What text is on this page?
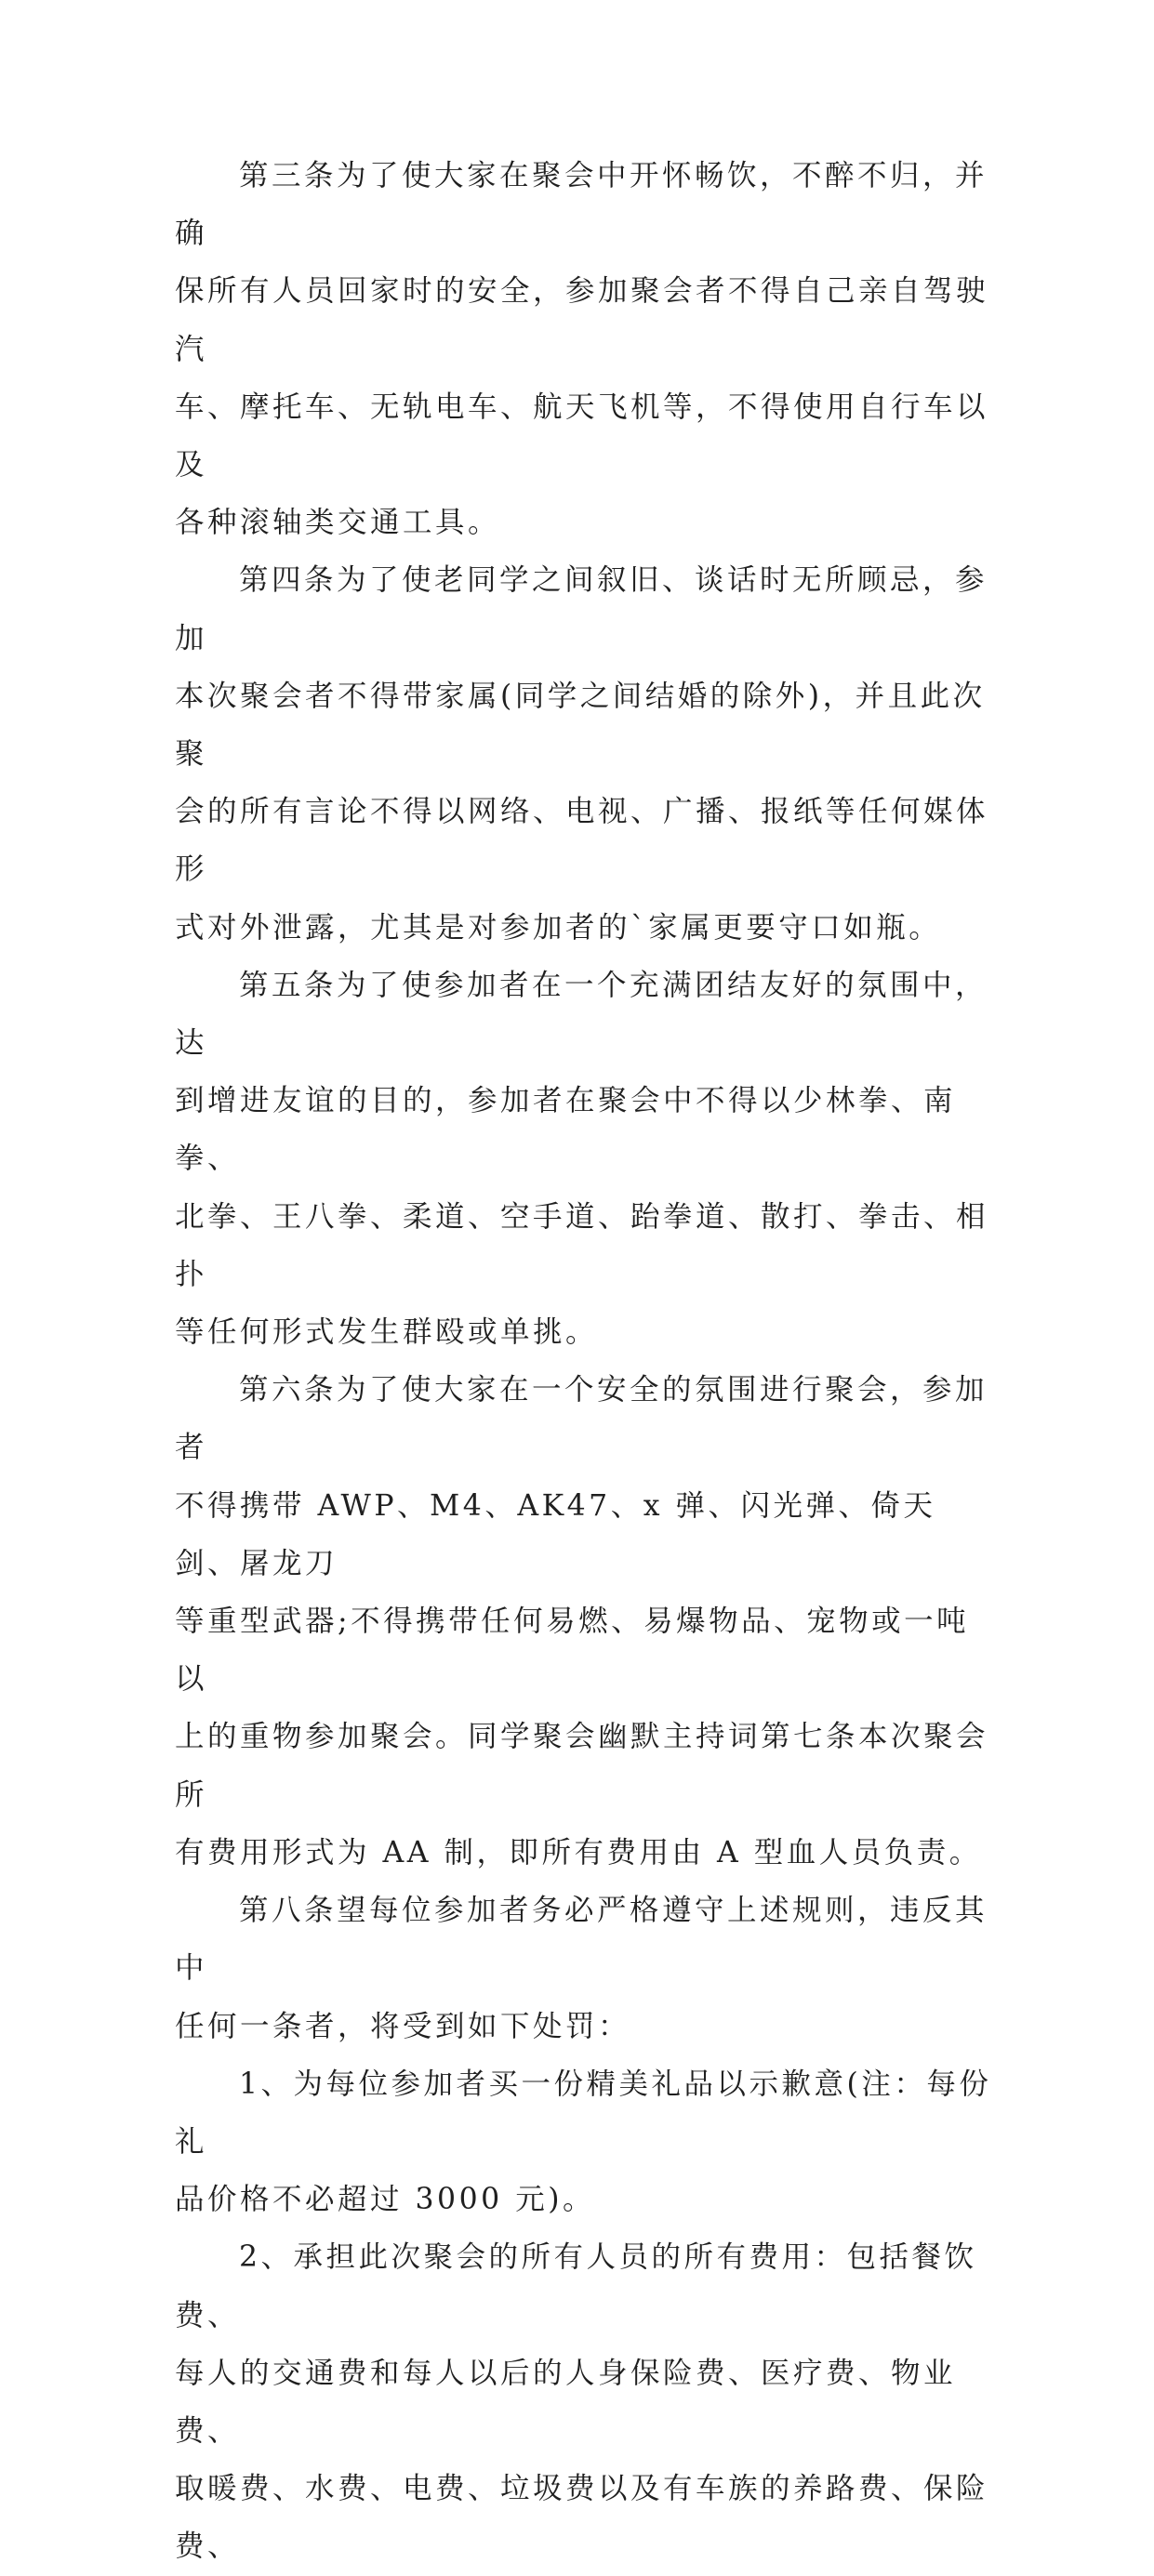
第三条为了使大家在聚会中开怀畅饮，不醉不归，并确
保所有人员回家时的安全，参加聚会者不得自己亲自驾驶汽
车、摩托车、无轨电车、航天飞机等，不得使用自行车以及
各种滚轴类交通工具。

第四条为了使老同学之间叙旧、谈话时无所顾忌，参加
本次聚会者不得带家属(同学之间结婚的除外)，并且此次聚
会的所有言论不得以网络、电视、广播、报纸等任何媒体形
式对外泄露，尤其是对参加者的`家属更要守口如瓶。

第五条为了使参加者在一个充满团结友好的氛围中，达
到增进友谊的目的，参加者在聚会中不得以少林拳、南拳、
北拳、王八拳、柔道、空手道、跆拳道、散打、拳击、相扑
等任何形式发生群殴或单挑。

第六条为了使大家在一个安全的氛围进行聚会，参加者
不得携带 AWP、M4、AK47、x 弹、闪光弹、倚天剑、屠龙刀
等重型武器;不得携带任何易燃、易爆物品、宠物或一吨以
上的重物参加聚会。同学聚会幽默主持词第七条本次聚会所
有费用形式为 AA 制，即所有费用由 A 型血人员负责。

第八条望每位参加者务必严格遵守上述规则，违反其中
任何一条者，将受到如下处罚：

1、为每位参加者买一份精美礼品以示歉意(注：每份礼
品价格不必超过 3000 元)。

2、承担此次聚会的所有人员的所有费用：包括餐饮费、
每人的交通费和每人以后的人身保险费、医疗费、物业费、
取暖费、水费、电费、垃圾费以及有车族的养路费、保险费、
